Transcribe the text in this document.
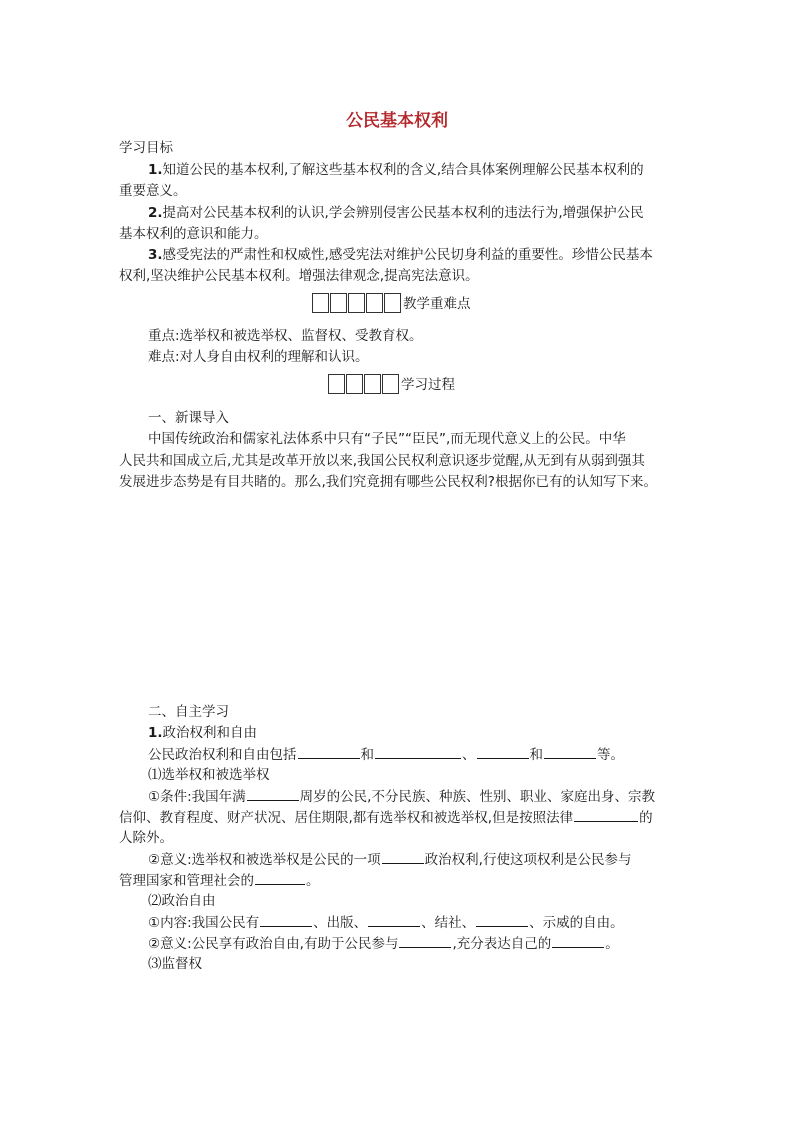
公民基本权利
学习目标
1.知道公民的基本权利,了解这些基本权利的含义,结合具体案例理解公民基本权利的
重要意义。
2.提高对公民基本权利的认识,学会辨别侵害公民基本权利的违法行为,增强保护公民
基本权利的意识和能力。
3.感受宪法的严肃性和权威性,感受宪法对维护公民切身利益的重要性。珍惜公民基本
权利,坚决维护公民基本权利。增强法律观念,提高宪法意识。
教学重难点
重点:选举权和被选举权、监督权、受教育权。
难点:对人身自由权利的理解和认识。
学习过程
一、新课导入
中国传统政治和儒家礼法体系中只有“子民”“臣民”,而无现代意义上的公民。中华
人民共和国成立后,尤其是改革开放以来,我国公民权利意识逐步觉醒,从无到有从弱到强其
发展进步态势是有目共睹的。那么,我们究竟拥有哪些公民权利?根据你已有的认知写下来。
二、自主学习
1.政治权利和自由
公民政治权利和自由包括	和	、	和	等。
⑴选举权和被选举权
①条件:我国年满	周岁的公民,不分民族、种族、性别、职业、家庭出身、宗教
信仰、教育程度、财产状况、居住期限,都有选举权和被选举权,但是按照法律	的
人除外。
②意义:选举权和被选举权是公民的一项	政治权利,行使这项权利是公民参与
管理国家和管理社会的	。
⑵政治自由
①内容:我国公民有	、出版、	、结社、	、示威的自由。
②意义:公民享有政治自由,有助于公民参与	,充分表达自己的	。
⑶监督权
